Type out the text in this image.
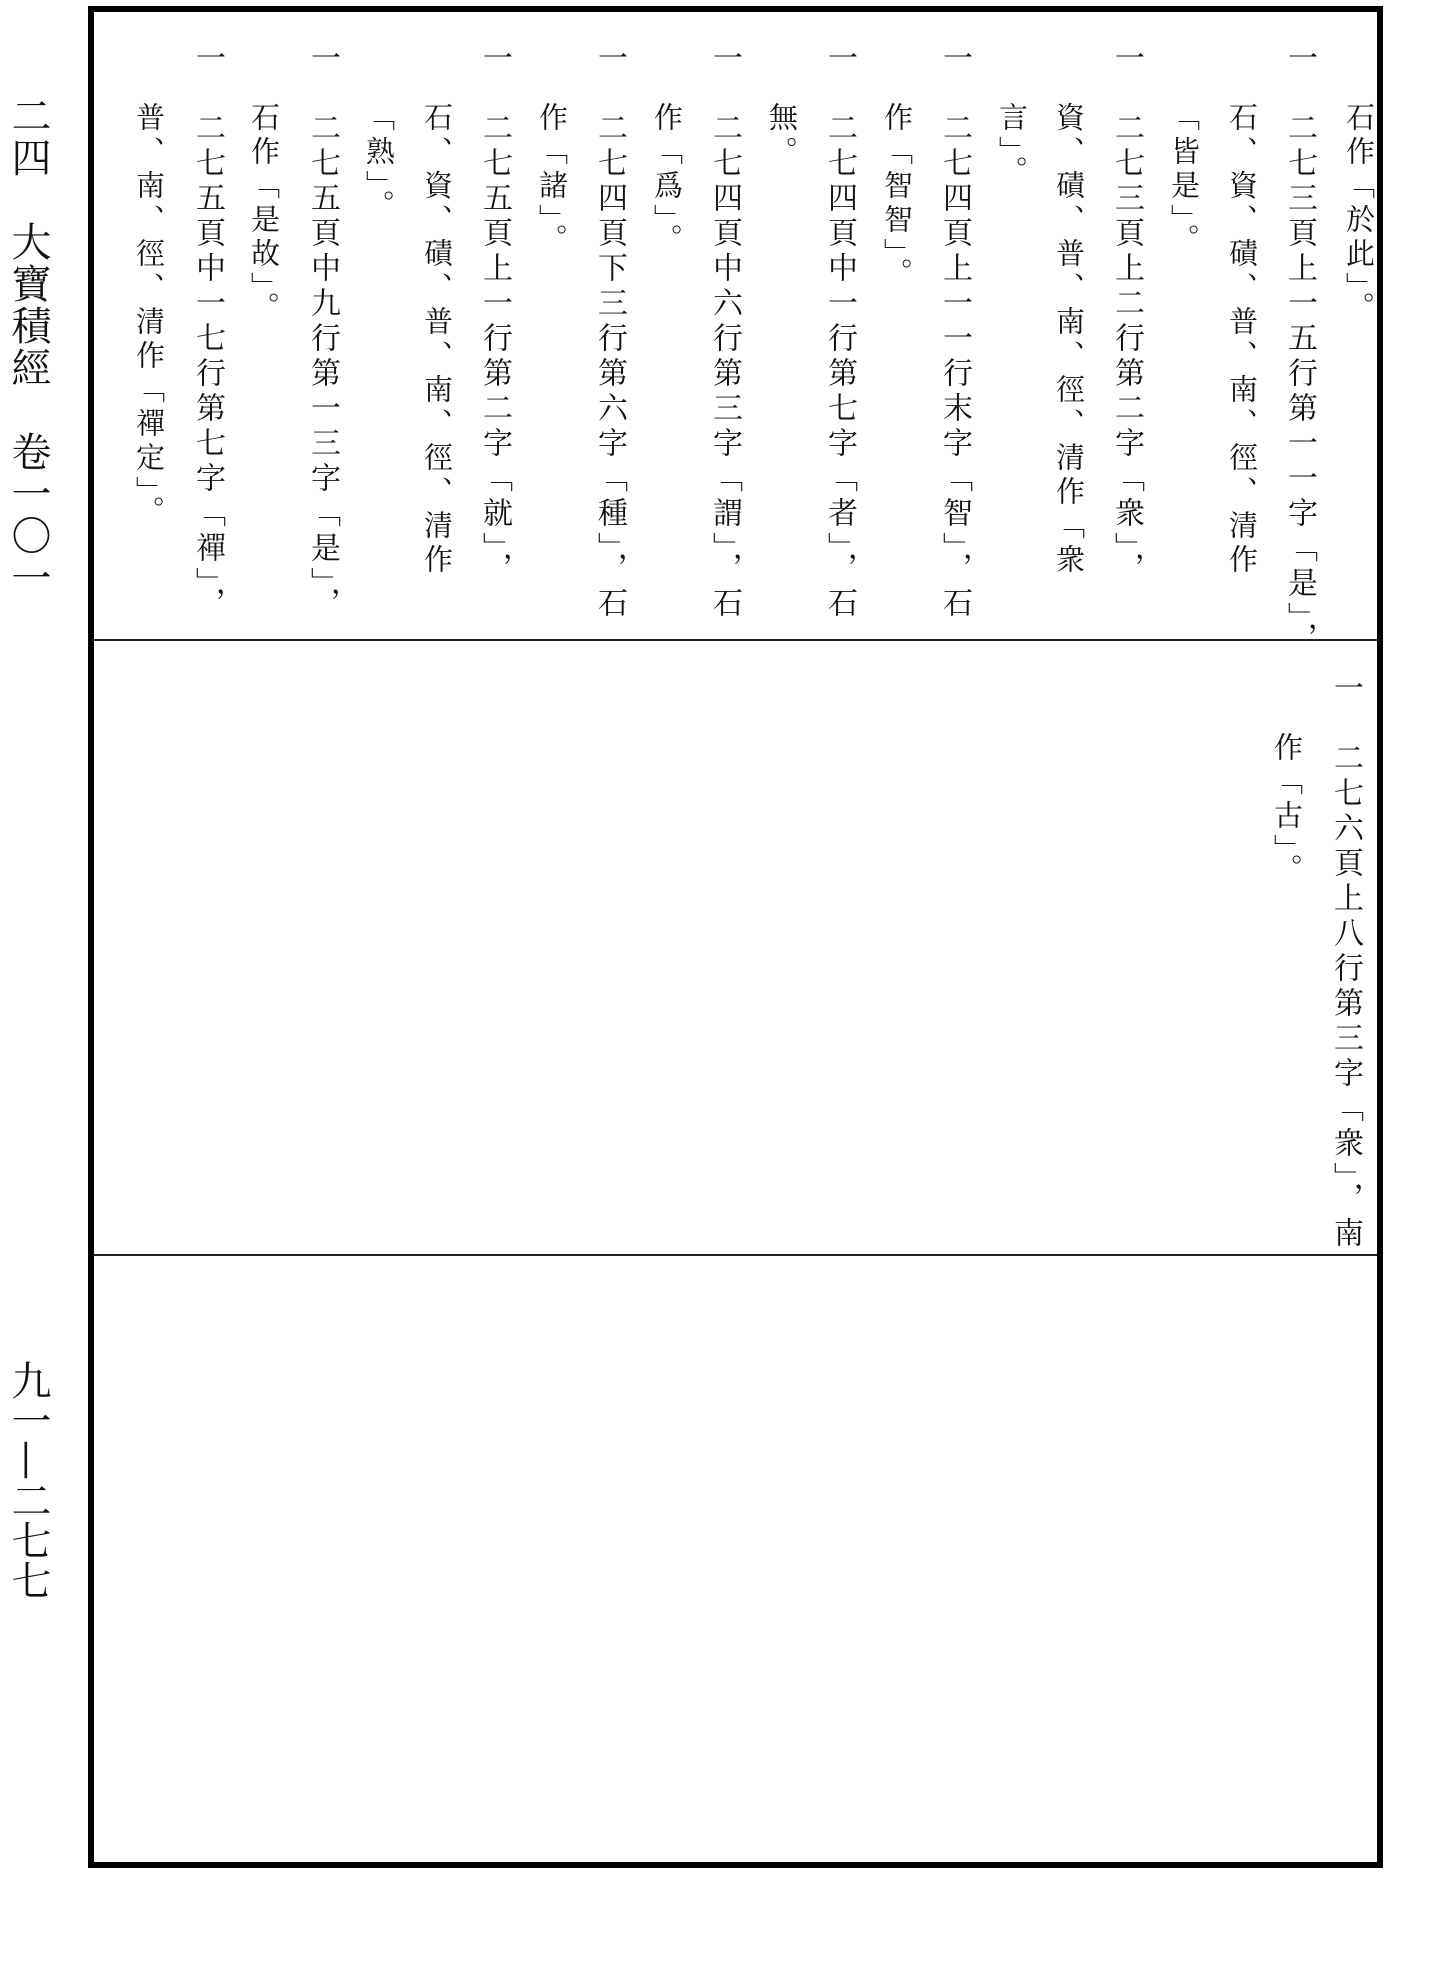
二四　大寶積經　卷一〇一
九一—二七七
石作「於此」。
一　二七三頁上一五行第一一字「是」，
石、資、磧、普、南、徑、清作
「皆是」。
一　二七三頁上二行第二字「衆」，
資、磧、普、南、徑、清作「衆
言」。
一　二七四頁上一一行末字「智」，石
作「智智」。
一　二七四頁中一行第七字「者」，石
無。
一　二七四頁中六行第三字「謂」，石
作「爲」。
一　二七四頁下三行第六字「種」，石
作「諸」。
一　二七五頁上一行第二字「就」，
石、資、磧、普、南、徑、清作
「熟」。
一　二七五頁中九行第一三字「是」，
石作「是故」。
一　二七五頁中一七行第七字「禪」，
普、南、徑、清作「禪定」。
一　二七六頁上八行第三字「衆」，南
作「古」。
